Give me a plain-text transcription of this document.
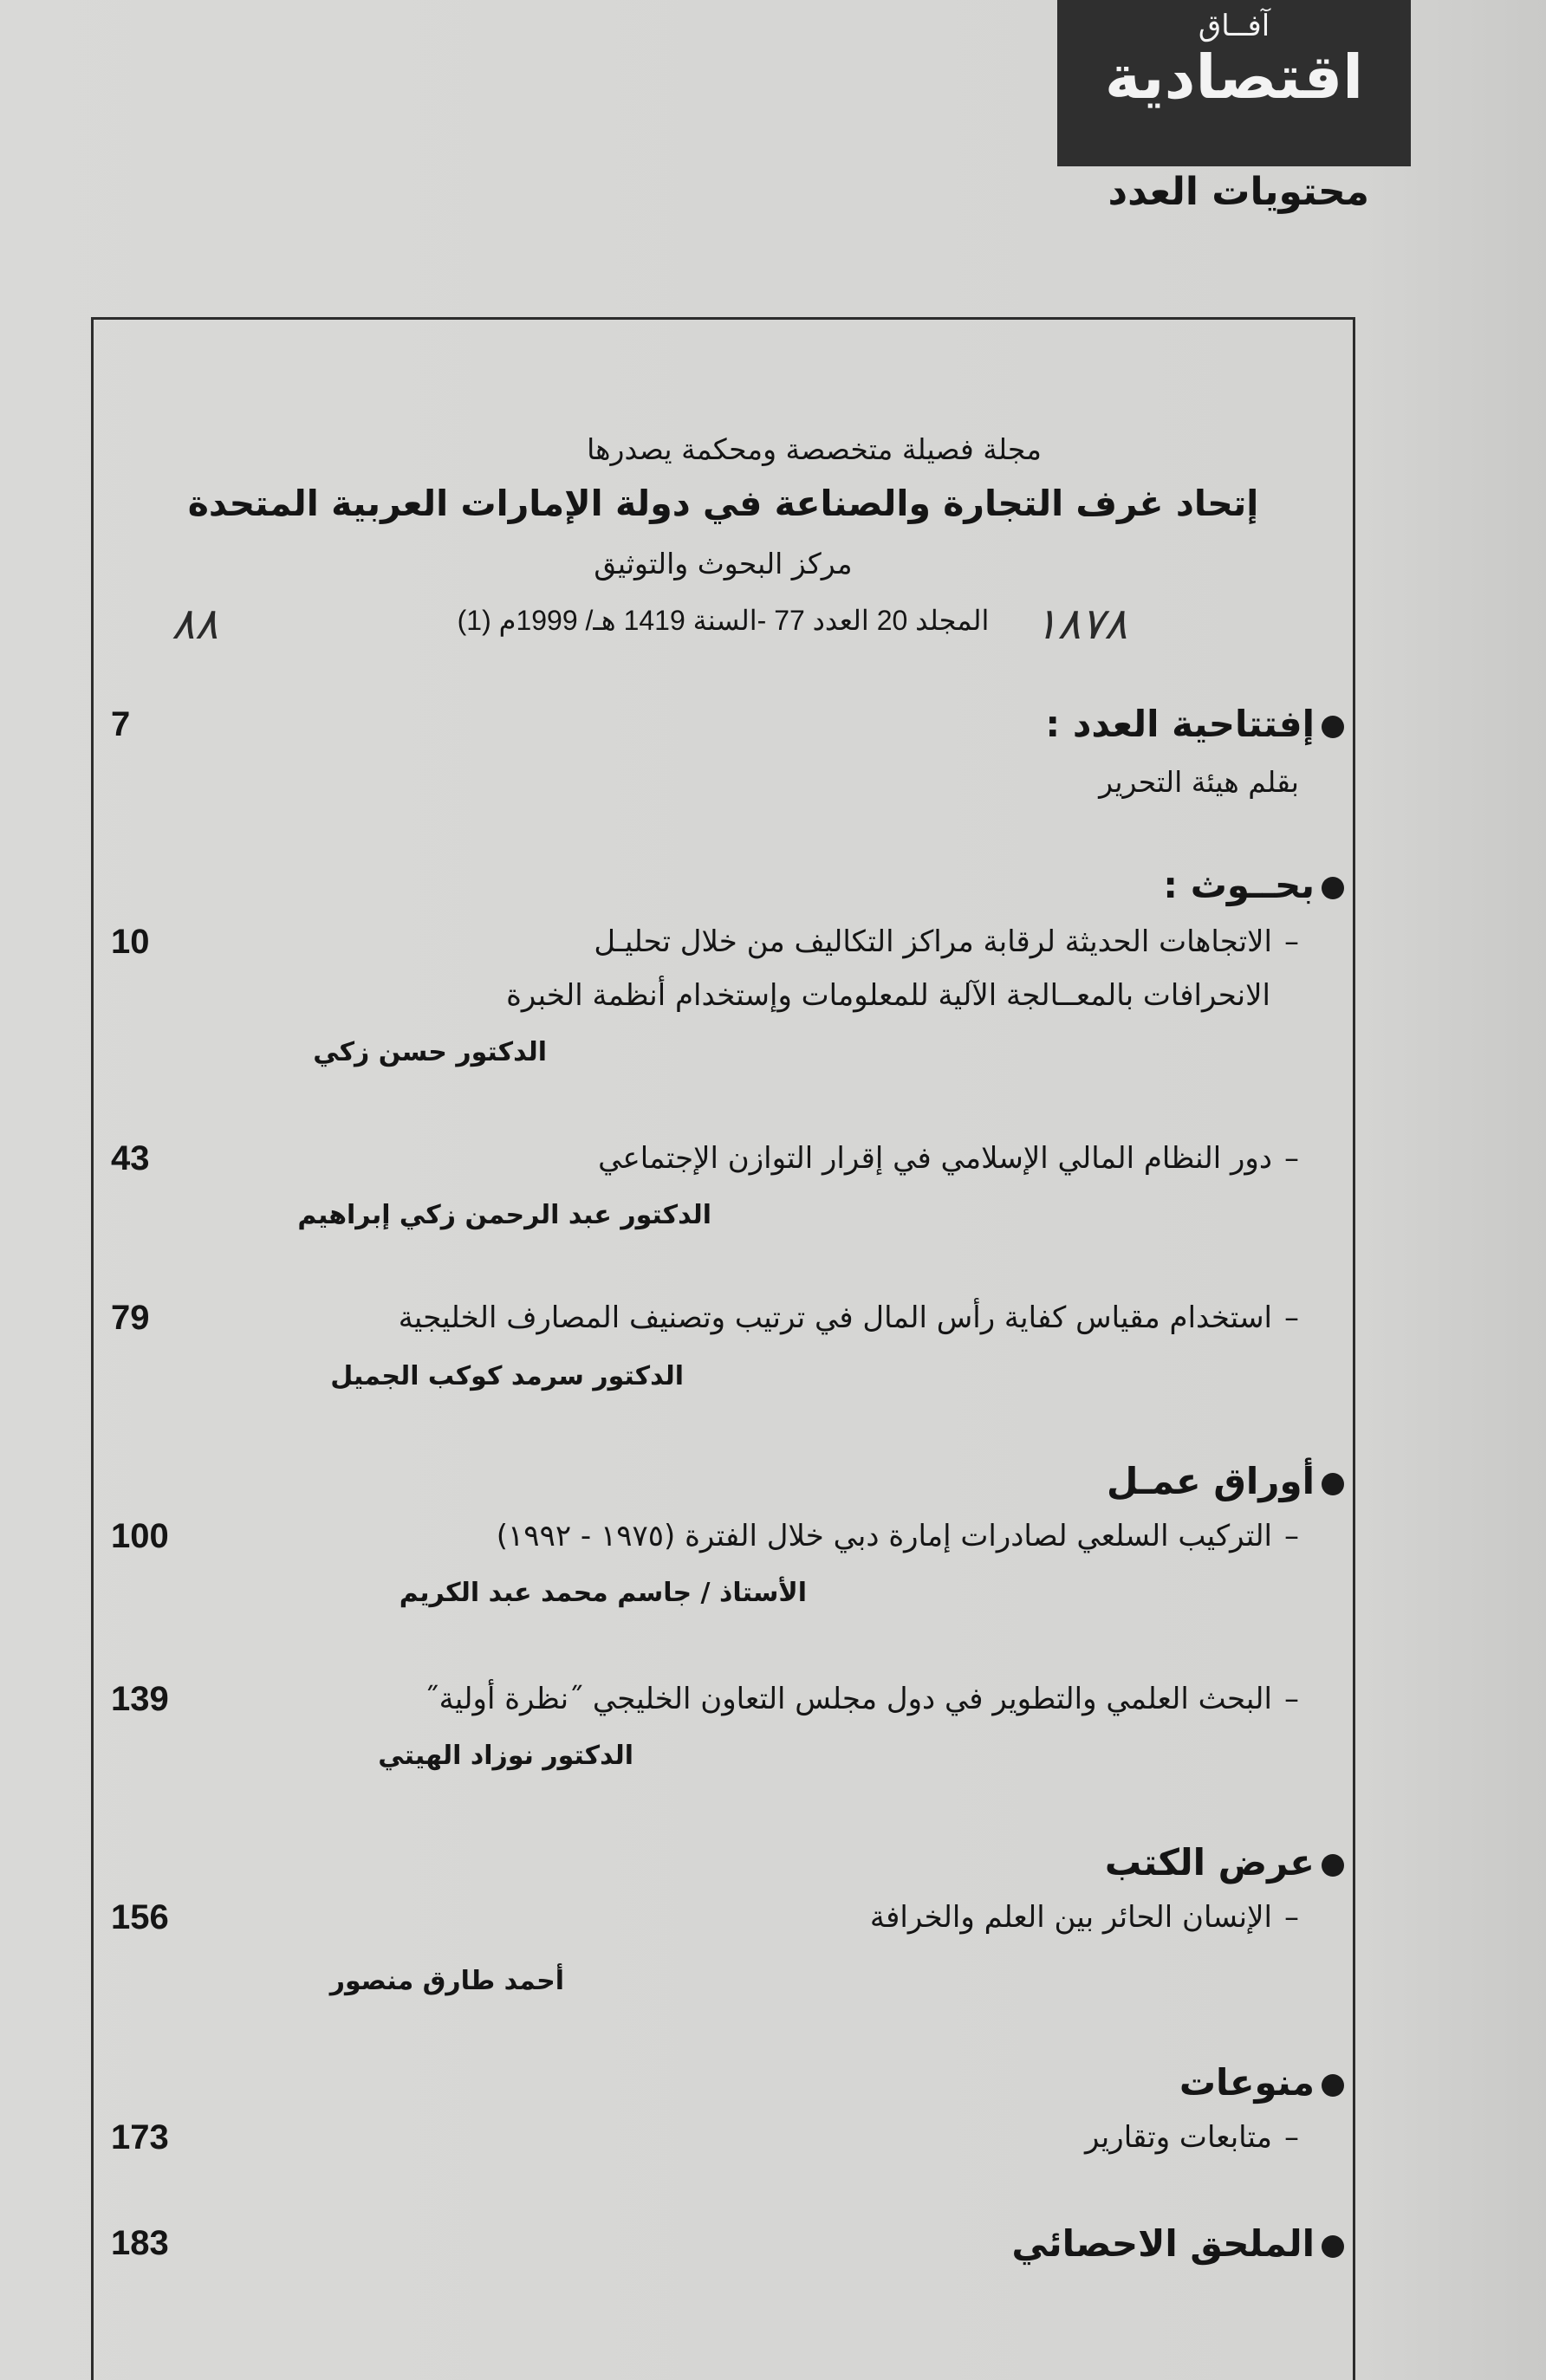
آفــاق
اقتصادية
محتويات العدد
مجلة فصيلة متخصصة ومحكمة يصدرها
إتحاد غرف التجارة والصناعة في دولة الإمارات العربية المتحدة
مركز البحوث والتوثيق
المجلد 20 العدد 77 -السنة 1419 هـ/ 1999م (1)
٨٨	١٨٧٨
إفتتاحية العدد :
7
بقلم هيئة التحرير
بحــوث :
–الاتجاهات الحديثة لرقابة مراكز التكاليف من خلال تحليـل
الانحرافات بالمعــالجة الآلية للمعلومات وإستخدام أنظمة الخبرة
الدكتور حسن زكي
10
–دور النظام المالي الإسلامي في إقرار التوازن الإجتماعي
الدكتور عبد الرحمن زكي إبراهيم
43
–استخدام مقياس كفاية رأس المال في ترتيب وتصنيف المصارف الخليجية
الدكتور سرمد كوكب الجميل
79
أوراق عمـل
–التركيب السلعي لصادرات إمارة دبي خلال الفترة (١٩٧٥ - ١٩٩٢)
الأستاذ / جاسم محمد عبد الكريم
100
–البحث العلمي والتطوير في دول مجلس التعاون الخليجي ˝نظرة أولية˝
الدكتور نوزاد الهيتي
139
عرض الكتب
–الإنسان الحائر بين العلم والخرافة
أحمد طارق منصور
156
منوعات
–متابعات وتقارير
173
الملحق الاحصائي
183
